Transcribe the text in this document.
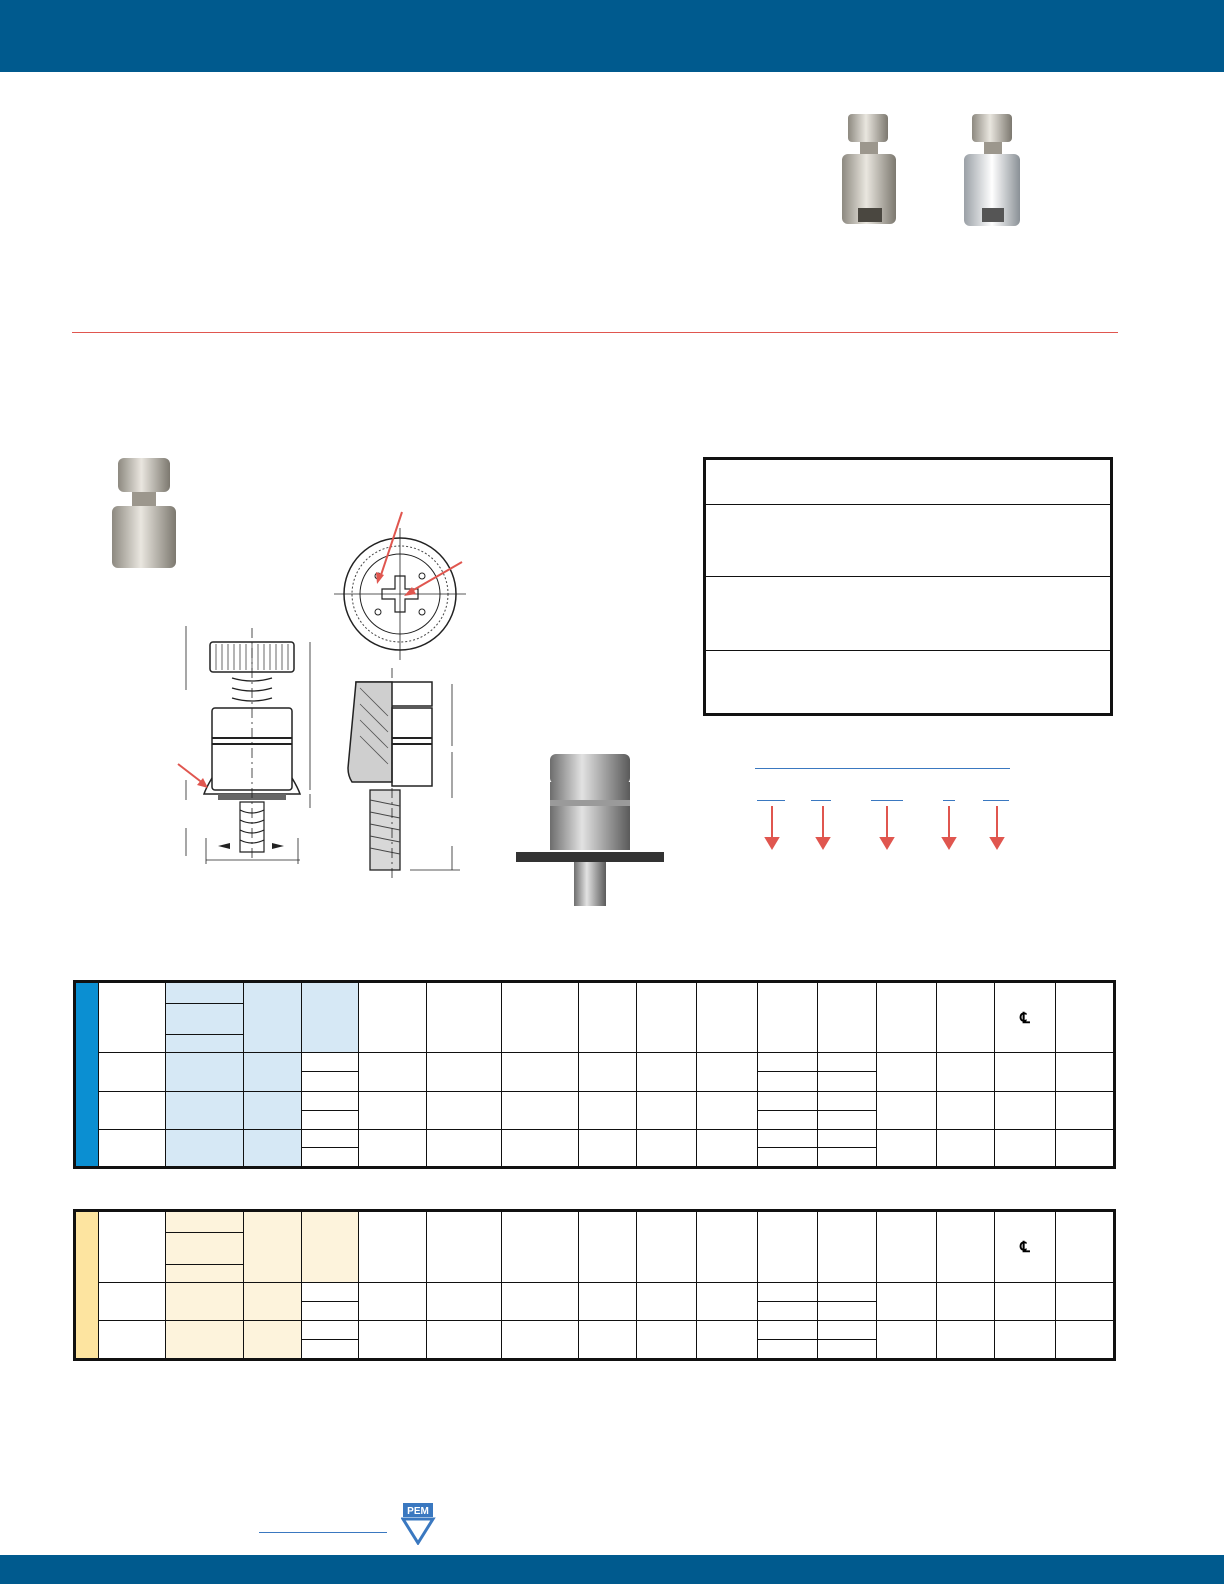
															℄	

															℄	

PEM
